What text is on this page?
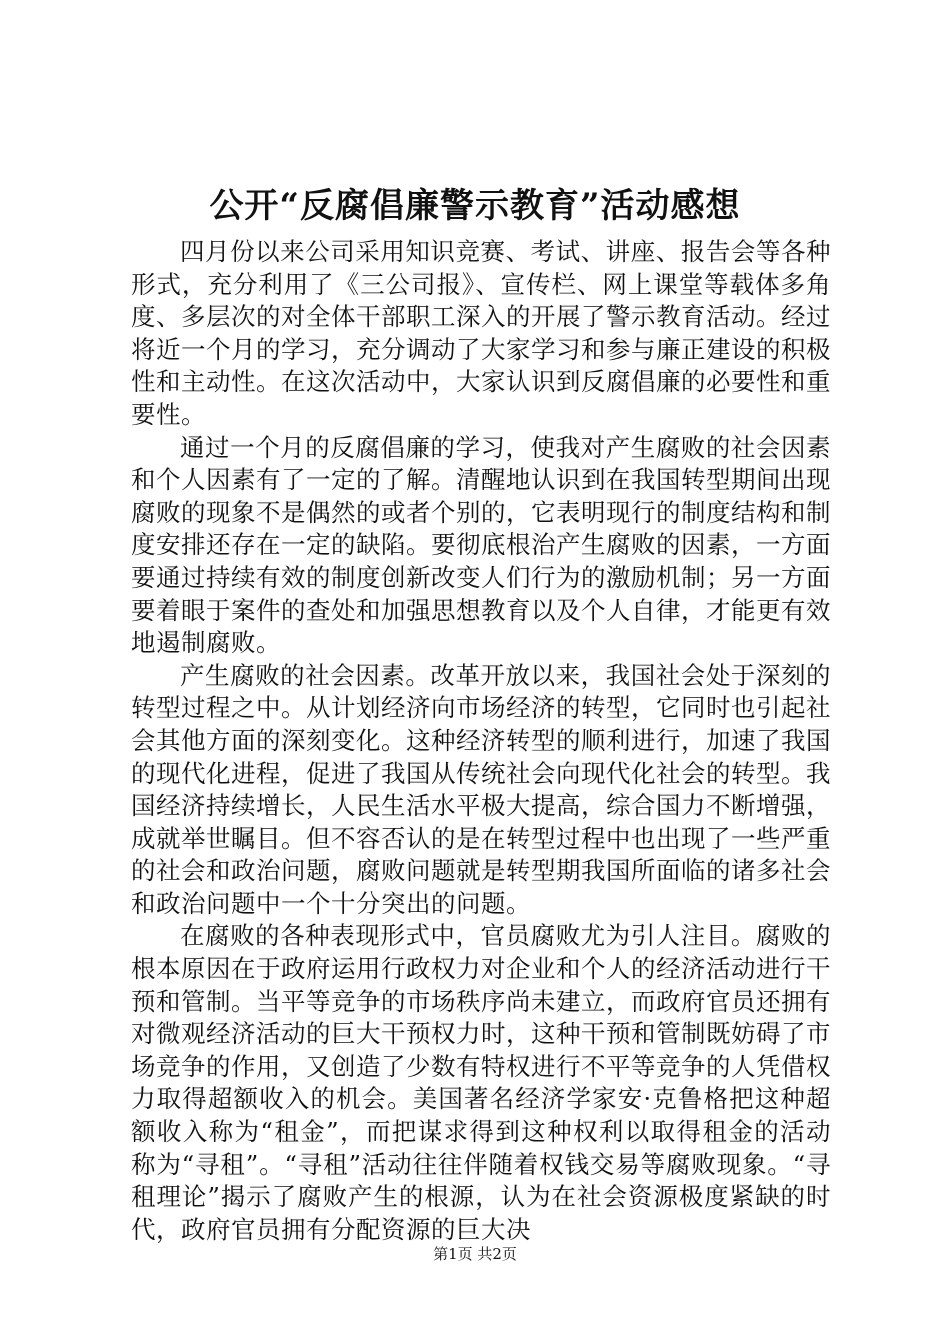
公开“反腐倡廉警示教育”活动感想

四月份以来公司采用知识竞赛、考试、讲座、报告会等各种形式，充分利用了《三公司报》、宣传栏、网上课堂等载体多角度、多层次的对全体干部职工深入的开展了警示教育活动。经过将近一个月的学习，充分调动了大家学习和参与廉正建设的积极性和主动性。在这次活动中，大家认识到反腐倡廉的必要性和重要性。

通过一个月的反腐倡廉的学习，使我对产生腐败的社会因素和个人因素有了一定的了解。清醒地认识到在我国转型期间出现腐败的现象不是偶然的或者个别的，它表明现行的制度结构和制度安排还存在一定的缺陷。要彻底根治产生腐败的因素，一方面要通过持续有效的制度创新改变人们行为的激励机制；另一方面要着眼于案件的查处和加强思想教育以及个人自律，才能更有效地遏制腐败。

产生腐败的社会因素。改革开放以来，我国社会处于深刻的转型过程之中。从计划经济向市场经济的转型，它同时也引起社会其他方面的深刻变化。这种经济转型的顺利进行，加速了我国的现代化进程，促进了我国从传统社会向现代化社会的转型。我国经济持续增长，人民生活水平极大提高，综合国力不断增强，成就举世瞩目。但不容否认的是在转型过程中也出现了一些严重的社会和政治问题，腐败问题就是转型期我国所面临的诸多社会和政治问题中一个十分突出的问题。

在腐败的各种表现形式中，官员腐败尤为引人注目。腐败的根本原因在于政府运用行政权力对企业和个人的经济活动进行干预和管制。当平等竞争的市场秩序尚未建立，而政府官员还拥有对微观经济活动的巨大干预权力时，这种干预和管制既妨碍了市场竞争的作用，又创造了少数有特权进行不平等竞争的人凭借权力取得超额收入的机会。美国著名经济学家安·克鲁格把这种超额收入称为“租金”，而把谋求得到这种权利以取得租金的活动称为“寻租”。“寻租”活动往往伴随着权钱交易等腐败现象。“寻租理论”揭示了腐败产生的根源，认为在社会资源极度紧缺的时代，政府官员拥有分配资源的巨大决

第1页 共2页
